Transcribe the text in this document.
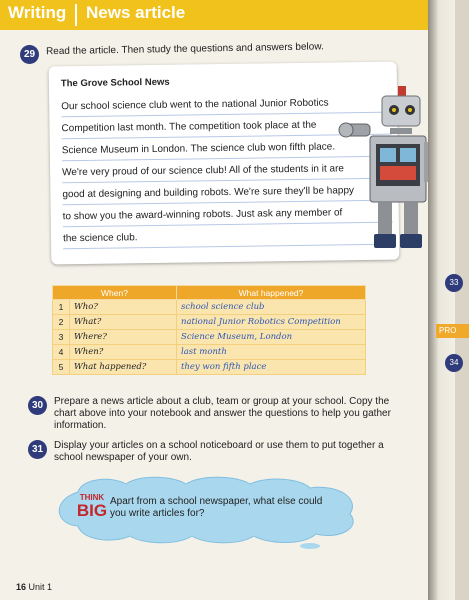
Writing News article
29	Read the article. Then study the questions and answers below.
The Grove School News
Our school science club went to the national Junior Robotics
Competition last month. The competition took place at the
Science Museum in London. The science club won fifth place.
We're very proud of our science club! All of the students in it are
good at designing and building robots. We're sure they'll be happy
to show you the award-winning robots. Just ask any member of
the science club.
When?		What happened?
1	Who?	school science club
2	What?	national Junior Robotics Competition
3	Where?	Science Museum, London
4	When?	last month
5	What happened?	they won fifth place
30	Prepare a news article about a club, team or group at your school. Copy the chart above into your notebook and answer the questions to help you gather information.
31	Display your articles on a school noticeboard or use them to put together a school newspaper of your own.
THINK
BIG Apart from a school newspaper, what else could you write articles for?
16 Unit 1
33
PRO
34
